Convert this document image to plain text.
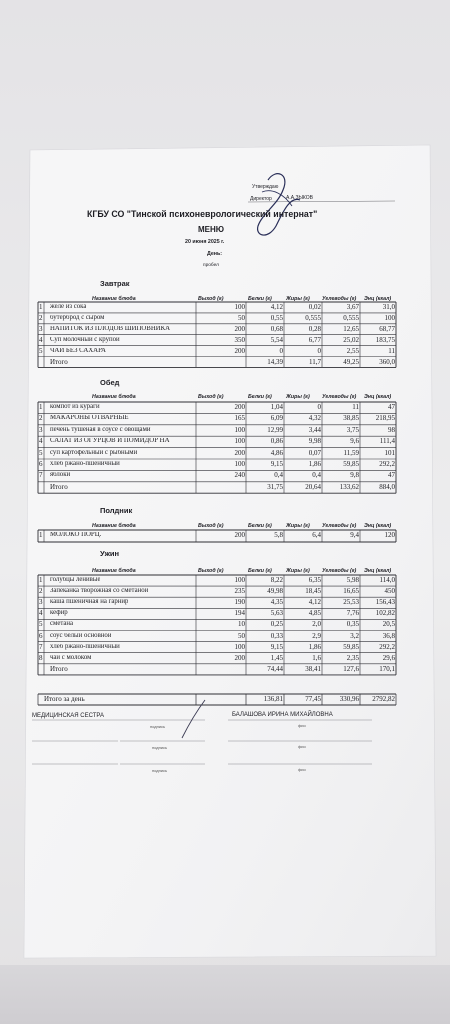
Утверждаю
Директор	А.А.ЗЫКОВ
КГБУ СО "Тинской психоневрологический интернат"
МЕНЮ
20 июня 2025 г.
День:
пробел
Завтрак
Название блюда	Выход (г)	Белки (г)	Жиры (г) Углеводы (г) Энц (ккал)
1 желе из сока	100	4,12	0,02	3,67	31,0
2 бутерброд с сыром	50	0,55	0,555	0,555	100
3 НАПИТОК ИЗ ПЛОДОВ ШИПОВНИКА	200	0,68	0,28	12,65	68,77
4 Суп молочный с крупой	350	5,54	6,77	25,02 183,75
5 ЧАЙ БЕЗ САХАРА	200	0	0	2,55	11
Итого	14,39	11,7	49,25	360,0
Обед
Название блюда	Выход (г)	Белки (г)	Жиры (г) Углеводы (г) Энц (ккал)
1 компот из кураги	200	1,04	0	11	47
2 МАКАРОНЫ ОТВАРНЫЕ	165	6,09	4,32	38,85 218,95
3 печень тушеная в соусе с овощами	100	12,99	3,44	3,75	98
4 САЛАТ ИЗ ОГУРЦОВ И ПОМИДОР НА	100	0,86	9,98	9,6	111,4
5 суп картофельный с рыбными	200	4,86	0,07	11,59	101
6 хлеб ржано-пшеничный	100	9,15	1,86	59,85	292,2
7 яблоки	240	0,4	0,4	9,8	47
Итого	31,75	20,64	133,62	884,0
Полдник
Название блюда	Выход (г)	Белки (г)	Жиры (г) Углеводы (г) Энц (ккал)
1 МОЛОКО ПОРЦ.	200	5,8	6,4	9,4	120
Ужин
Название блюда	Выход (г)	Белки (г)	Жиры (г) Углеводы (г) Энц (ккал)
1 голубцы ленивые	100	8,22	6,35	5,98	114,0
2 Запеканка творожная со сметаной	235	49,98	18,45	16,65	450
3 каша пшеничная на гарнир	190	4,35	4,12	25,53 156,43
4 кефир	194	5,63	4,85	7,76 102,82
5 сметана	10	0,25	2,0	0,35	20,5
6 соус белый основной	50	0,33	2,9	3,2	36,8
7 хлеб ржано-пшеничный	100	9,15	1,86	59,85	292,2
8 чай с молоком	200	1,45	1,6	2,35	29,6
Итого	74,44	38,41	127,6	170,1
Итого за день	136,81	77,45	330,96 2792,82
МЕДИЦИНСКАЯ СЕСТРА	БАЛАШОВА ИРИНА МИХАЙЛОВНА
подпись	фио
подпись	фио
подпись	фио
